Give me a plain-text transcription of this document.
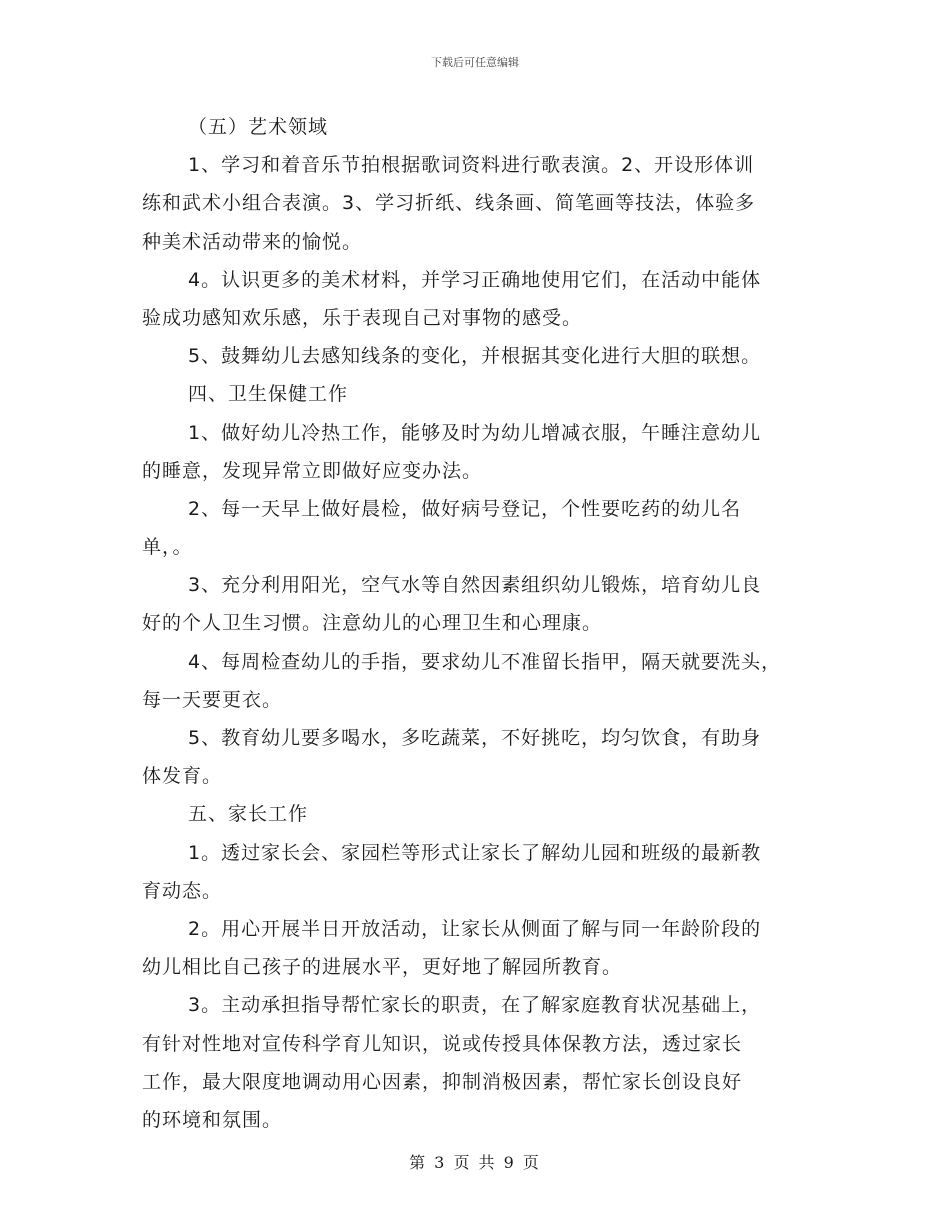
下载后可任意编辑
（五）艺术领域
1、学习和着音乐节拍根据歌词资料进行歌表演。2、开设形体训
练和武术小组合表演。3、学习折纸、线条画、简笔画等技法，体验多
种美术活动带来的愉悦。
4。认识更多的美术材料，并学习正确地使用它们，在活动中能体
验成功感知欢乐感，乐于表现自己对事物的感受。
5、鼓舞幼儿去感知线条的变化，并根据其变化进行大胆的联想。
四、卫生保健工作
1、做好幼儿冷热工作，能够及时为幼儿增减衣服，午睡注意幼儿
的睡意，发现异常立即做好应变办法。
2、每一天早上做好晨检，做好病号登记，个性要吃药的幼儿名
单，。
3、充分利用阳光，空气水等自然因素组织幼儿锻炼，培育幼儿良
好的个人卫生习惯。注意幼儿的心理卫生和心理康。
4、每周检查幼儿的手指，要求幼儿不准留长指甲，隔天就要洗头，
每一天要更衣。
5、教育幼儿要多喝水，多吃蔬菜，不好挑吃，均匀饮食，有助身
体发育。
五、家长工作
1。透过家长会、家园栏等形式让家长了解幼儿园和班级的最新教
育动态。
2。用心开展半日开放活动，让家长从侧面了解与同一年龄阶段的
幼儿相比自己孩子的进展水平，更好地了解园所教育。
3。主动承担指导帮忙家长的职责，在了解家庭教育状况基础上，
有针对性地对宣传科学育儿知识，说或传授具体保教方法，透过家长
工作，最大限度地调动用心因素，抑制消极因素，帮忙家长创设良好
的环境和氛围。
第 3 页 共 9 页
